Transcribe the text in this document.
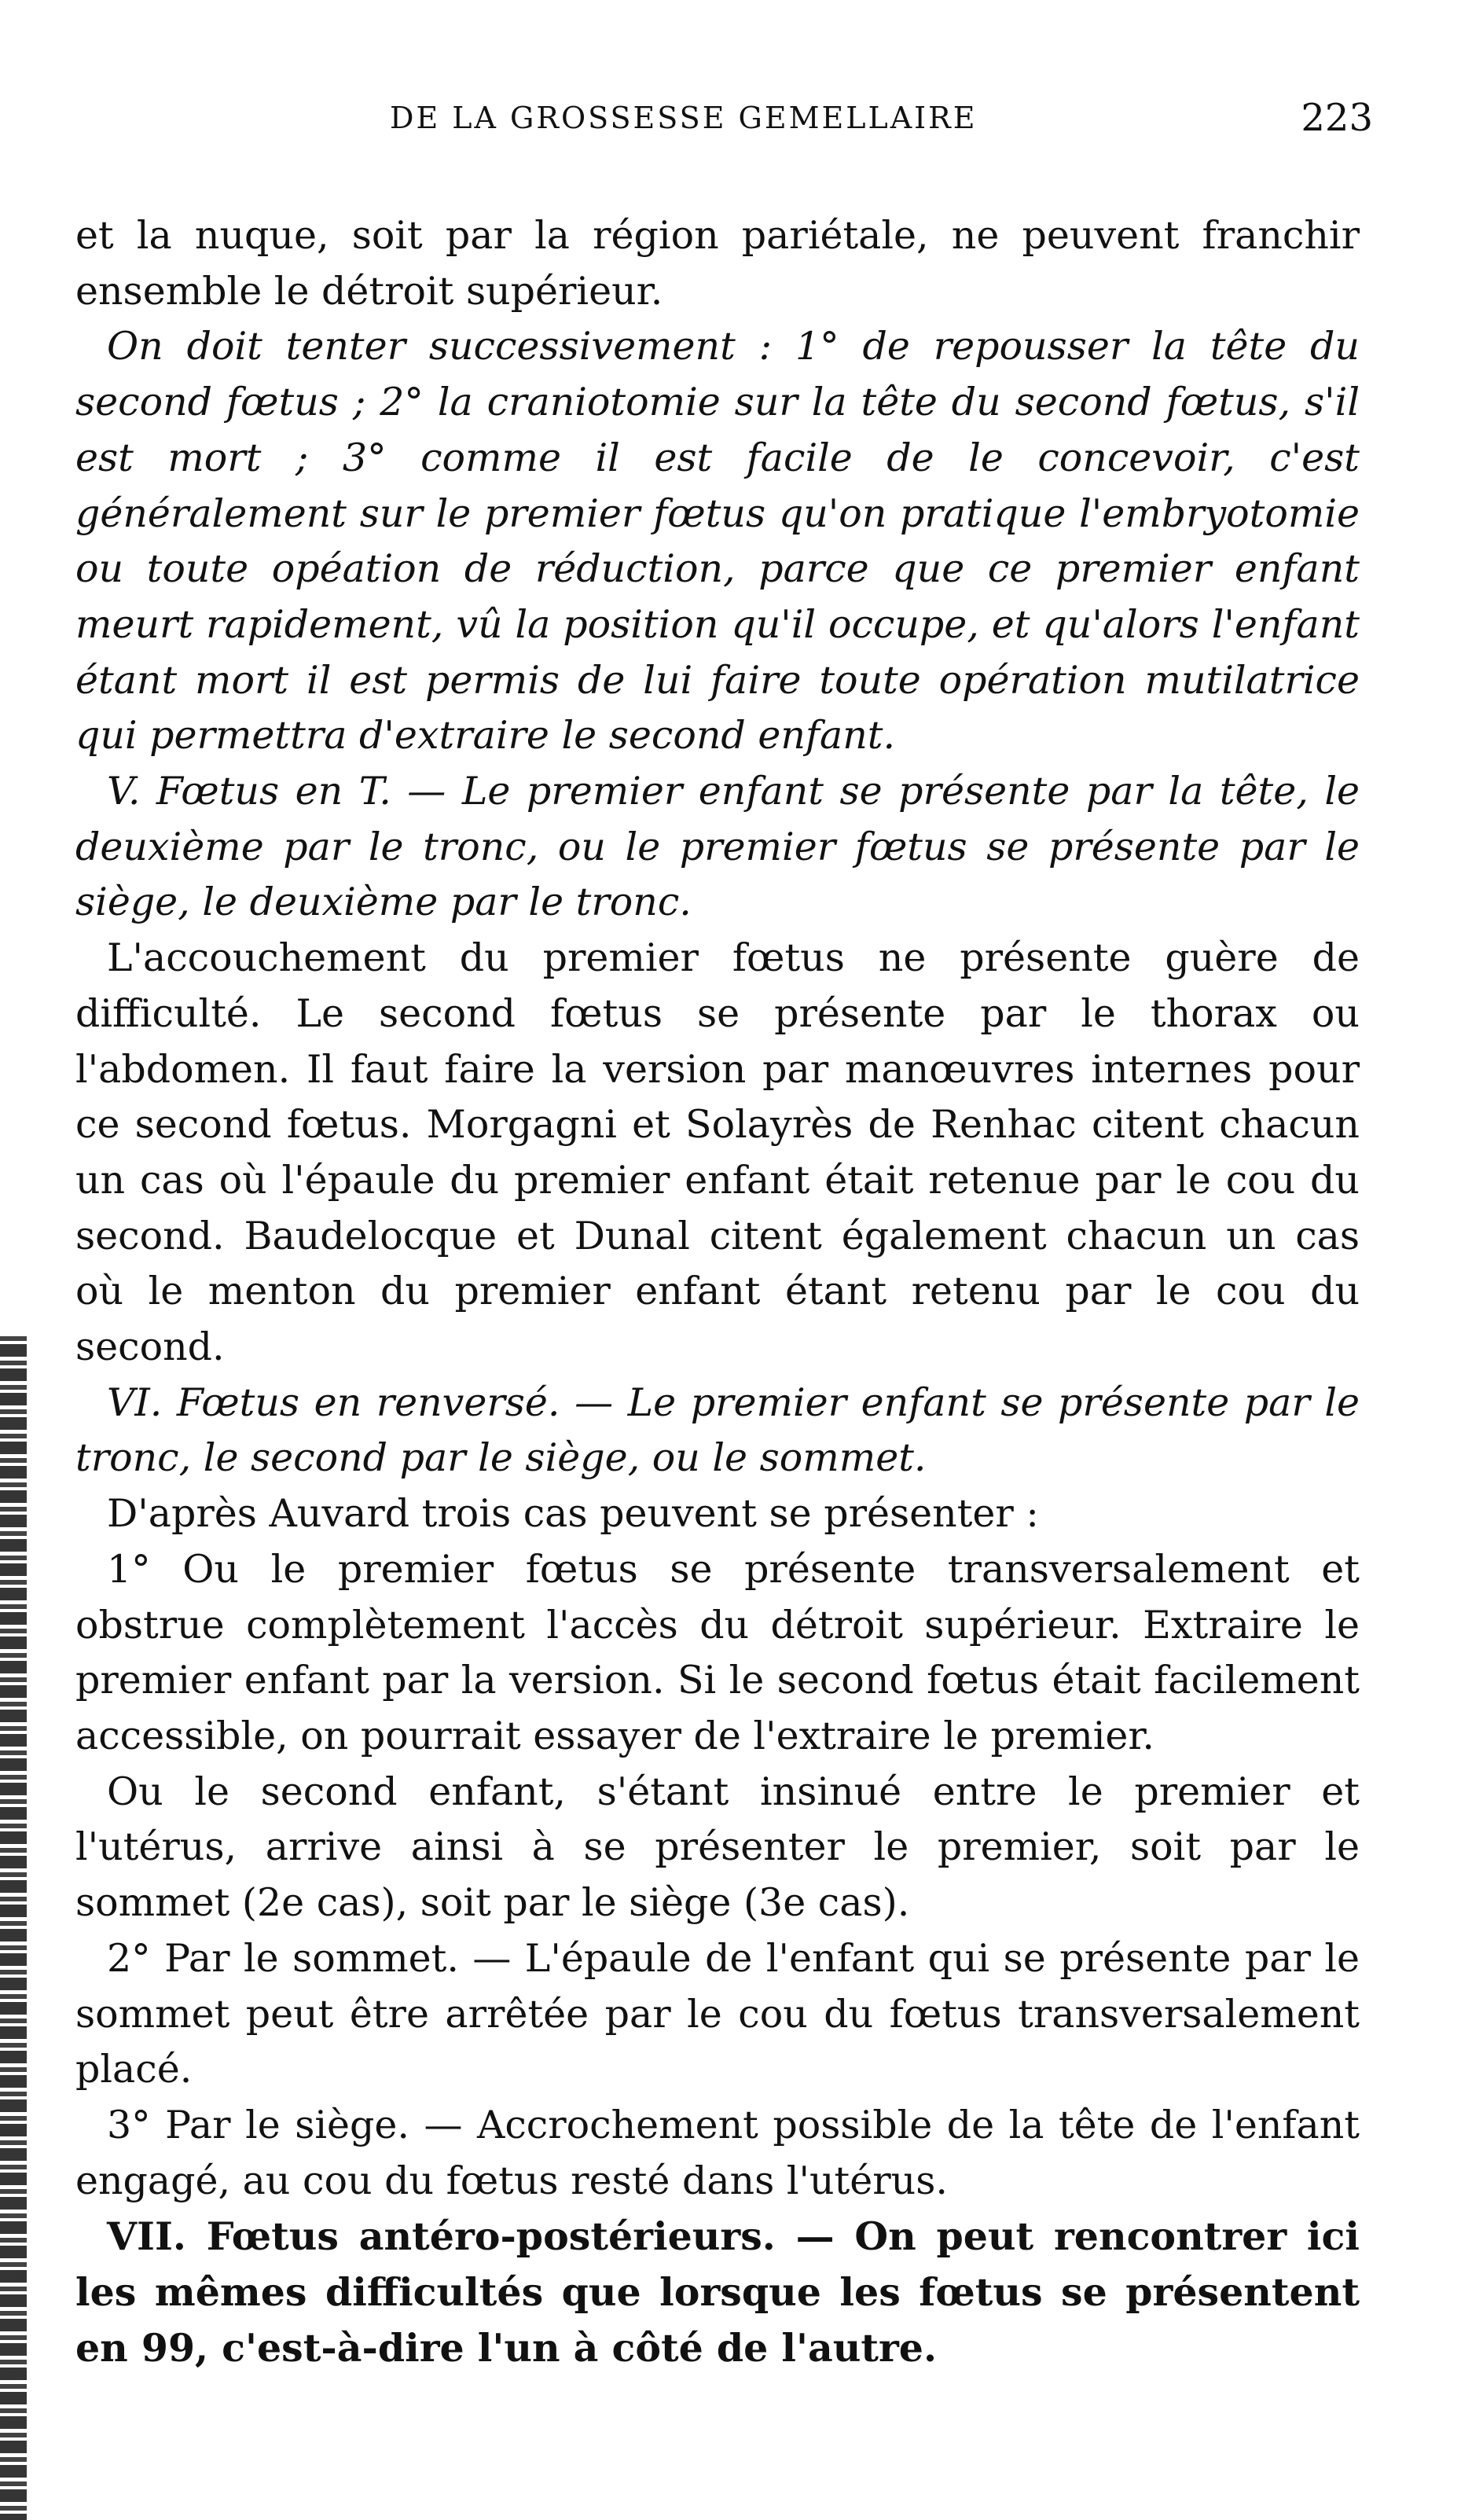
DE LA GROSSESSE GEMELLAIRE	223

et la nuque, soit par la région pariétale, ne peuvent franchir ensemble le détroit supérieur.

On doit tenter successivement : 1° de repousser la tête du second fœtus ; 2° la craniotomie sur la tête du second fœtus, s'il est mort ; 3° comme il est facile de le concevoir, c'est généralement sur le premier fœtus qu'on pratique l'embryotomie ou toute opéation de réduction, parce que ce premier enfant meurt rapidement, vû la position qu'il occupe, et qu'alors l'enfant étant mort il est permis de lui faire toute opération mutilatrice qui permettra d'extraire le second enfant.

V. Fœtus en T. — Le premier enfant se présente par la tête, le deuxième par le tronc, ou le premier fœtus se présente par le siège, le deuxième par le tronc.

L'accouchement du premier fœtus ne présente guère de difficulté. Le second fœtus se présente par le thorax ou l'abdomen. Il faut faire la version par manœuvres internes pour ce second fœtus. Morgagni et Solayrès de Renhac citent chacun un cas où l'épaule du premier enfant était retenue par le cou du second. Baudelocque et Dunal citent également chacun un cas où le menton du premier enfant étant retenu par le cou du second.

VI. Fœtus en renversé. — Le premier enfant se présente par le tronc, le second par le siège, ou le sommet.

D'après Auvard trois cas peuvent se présenter :

1° Ou le premier fœtus se présente transversalement et obstrue complètement l'accès du détroit supérieur. Extraire le premier enfant par la version. Si le second fœtus était facilement accessible, on pourrait essayer de l'extraire le premier.

Ou le second enfant, s'étant insinué entre le premier et l'utérus, arrive ainsi à se présenter le premier, soit par le sommet (2e cas), soit par le siège (3e cas).

2° Par le sommet. — L'épaule de l'enfant qui se présente par le sommet peut être arrêtée par le cou du fœtus transversalement placé.

3° Par le siège. — Accrochement possible de la tête de l'enfant engagé, au cou du fœtus resté dans l'utérus.

VII. Fœtus antéro-postérieurs. — On peut rencontrer ici les mêmes difficultés que lorsque les fœtus se présentent en 99, c'est-à-dire l'un à côté de l'autre.
